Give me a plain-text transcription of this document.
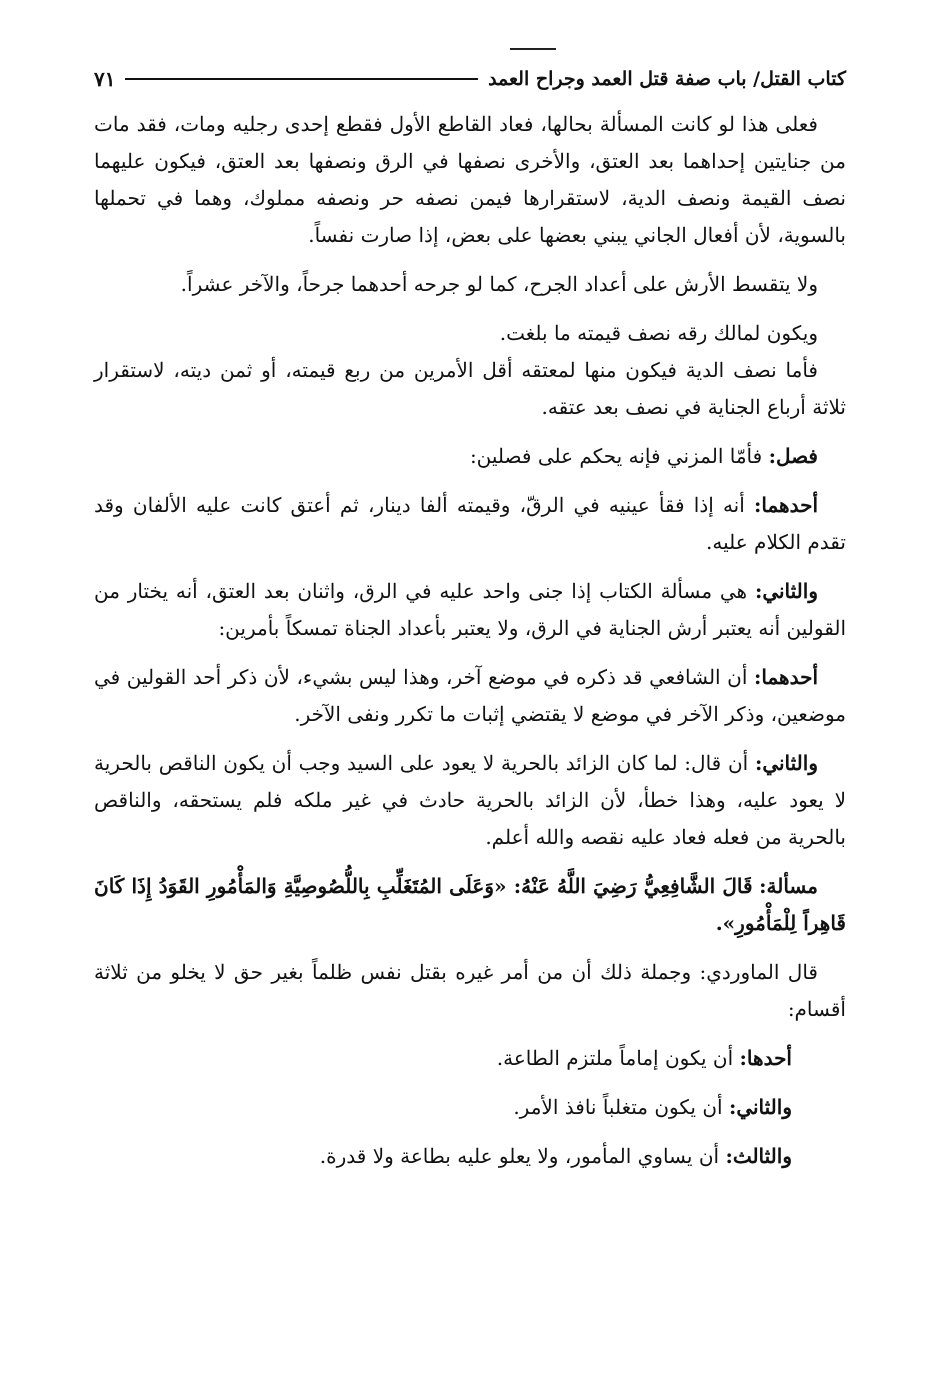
كتاب القتل/ باب صفة قتل العمد وجراح العمد
٧١

فعلى هذا لو كانت المسألة بحالها، فعاد القاطع الأول فقطع إحدى رجليه ومات، فقد مات من جنايتين إحداهما بعد العتق، والأخرى نصفها في الرق ونصفها بعد العتق، فيكون عليهما نصف القيمة ونصف الدية، لاستقرارها فيمن نصفه حر ونصفه مملوك، وهما في تحملها بالسوية، لأن أفعال الجاني يبني بعضها على بعض، إذا صارت نفساً.

ولا يتقسط الأرش على أعداد الجرح، كما لو جرحه أحدهما جرحاً، والآخر عشراً.

ويكون لمالك رقه نصف قيمته ما بلغت.

فأما نصف الدية فيكون منها لمعتقه أقل الأمرين من ربع قيمته، أو ثمن ديته، لاستقرار ثلاثة أرباع الجناية في نصف بعد عتقه.

فصل: فأمّا المزني فإنه يحكم على فصلين:

أحدهما: أنه إذا فقأ عينيه في الرقّ، وقيمته ألفا دينار، ثم أعتق كانت عليه الألفان وقد تقدم الكلام عليه.

والثاني: هي مسألة الكتاب إذا جنى واحد عليه في الرق، واثنان بعد العتق، أنه يختار من القولين أنه يعتبر أرش الجناية في الرق، ولا يعتبر بأعداد الجناة تمسكاً بأمرين:

أحدهما: أن الشافعي قد ذكره في موضع آخر، وهذا ليس بشيء، لأن ذكر أحد القولين في موضعين، وذكر الآخر في موضع لا يقتضي إثبات ما تكرر ونفى الآخر.

والثاني: أن قال: لما كان الزائد بالحرية لا يعود على السيد وجب أن يكون الناقص بالحرية لا يعود عليه، وهذا خطأ، لأن الزائد بالحرية حادث في غير ملكه فلم يستحقه، والناقص بالحرية من فعله فعاد عليه نقصه والله أعلم.

مسألة: قَالَ الشَّافِعِيُّ رَضِيَ اللَّهُ عَنْهُ: «وَعَلَى المُتَغَلِّبِ بِاللُّصُوصِيَّةِ وَالمَأْمُورِ القَوَدُ إِذَا كَانَ قَاهِراً لِلْمَأْمُورِ».

قال الماوردي: وجملة ذلك أن من أمر غيره بقتل نفس ظلماً بغير حق لا يخلو من ثلاثة أقسام:

أحدها: أن يكون إماماً ملتزم الطاعة.

والثاني: أن يكون متغلباً نافذ الأمر.

والثالث: أن يساوي المأمور، ولا يعلو عليه بطاعة ولا قدرة.
